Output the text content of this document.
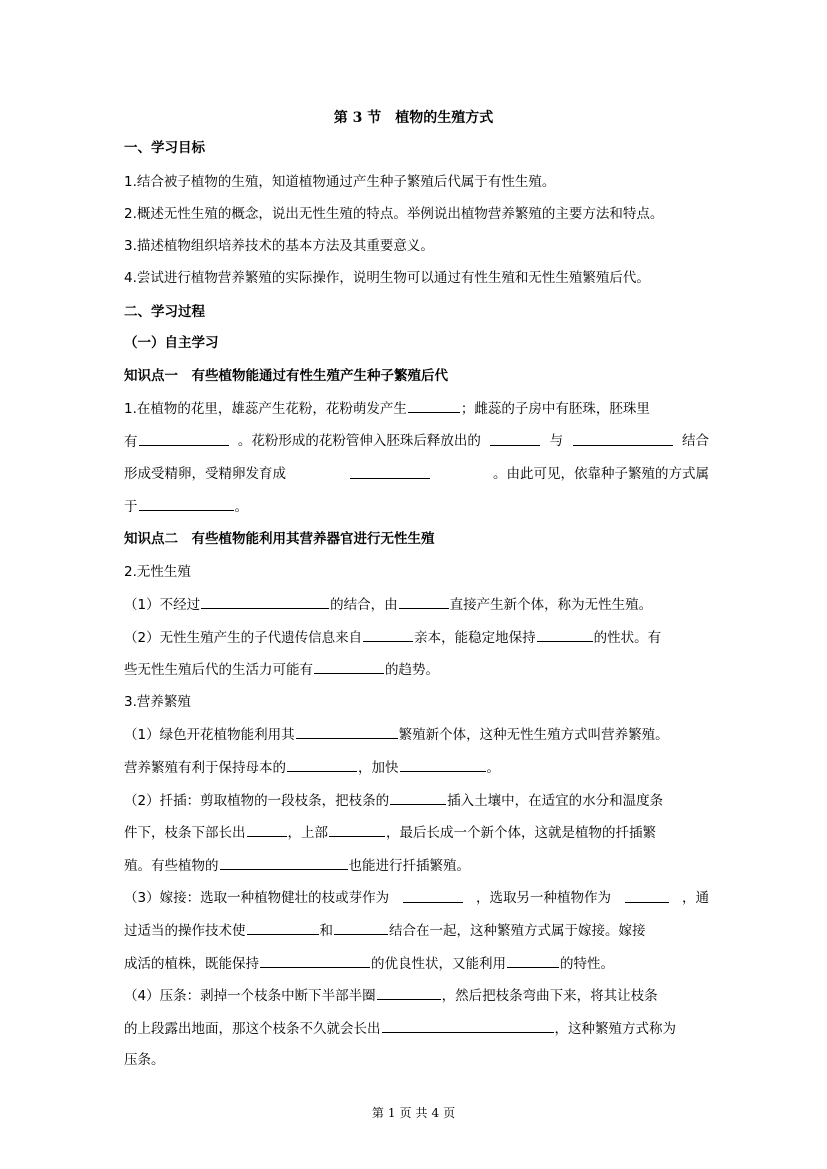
第 3 节　植物的生殖方式
一、学习目标
1.结合被子植物的生殖，知道植物通过产生种子繁殖后代属于有性生殖。
2.概述无性生殖的概念，说出无性生殖的特点。举例说出植物营养繁殖的主要方法和特点。
3.描述植物组织培养技术的基本方法及其重要意义。
4.尝试进行植物营养繁殖的实际操作，说明生物可以通过有性生殖和无性生殖繁殖后代。
二、学习过程
（一）自主学习
知识点一　有些植物能通过有性生殖产生种子繁殖后代
1.在植物的花里，雄蕊产生花粉，花粉萌发产生	；雌蕊的子房中有胚珠，胚珠里
有	。花粉形成的花粉管伸入胚珠后释放出的	与	结合
形成受精卵，受精卵发育成	。由此可见，依靠种子繁殖的方式属
于	。
知识点二　有些植物能利用其营养器官进行无性生殖
2.无性生殖
（1）不经过	的结合，由	直接产生新个体，称为无性生殖。
（2）无性生殖产生的子代遗传信息来自	亲本，能稳定地保持	的性状。有
些无性生殖后代的生活力可能有	的趋势。
3.营养繁殖
（1）绿色开花植物能利用其	繁殖新个体，这种无性生殖方式叫营养繁殖。
营养繁殖有利于保持母本的	，加快	。
（2）扦插：剪取植物的一段枝条，把枝条的	插入土壤中，在适宜的水分和温度条
件下，枝条下部长出	，上部	，最后长成一个新个体，这就是植物的扦插繁
殖。有些植物的	也能进行扦插繁殖。
（3）嫁接：选取一种植物健壮的枝或芽作为	，选取另一种植物作为	，通
过适当的操作技术使	和	结合在一起，这种繁殖方式属于嫁接。嫁接
成活的植株，既能保持	的优良性状，又能利用	的特性。
（4）压条：剥掉一个枝条中断下半部半圈	，然后把枝条弯曲下来，将其让枝条
的上段露出地面，那这个枝条不久就会长出	，这种繁殖方式称为
压条。
第 1 页 共 4 页
